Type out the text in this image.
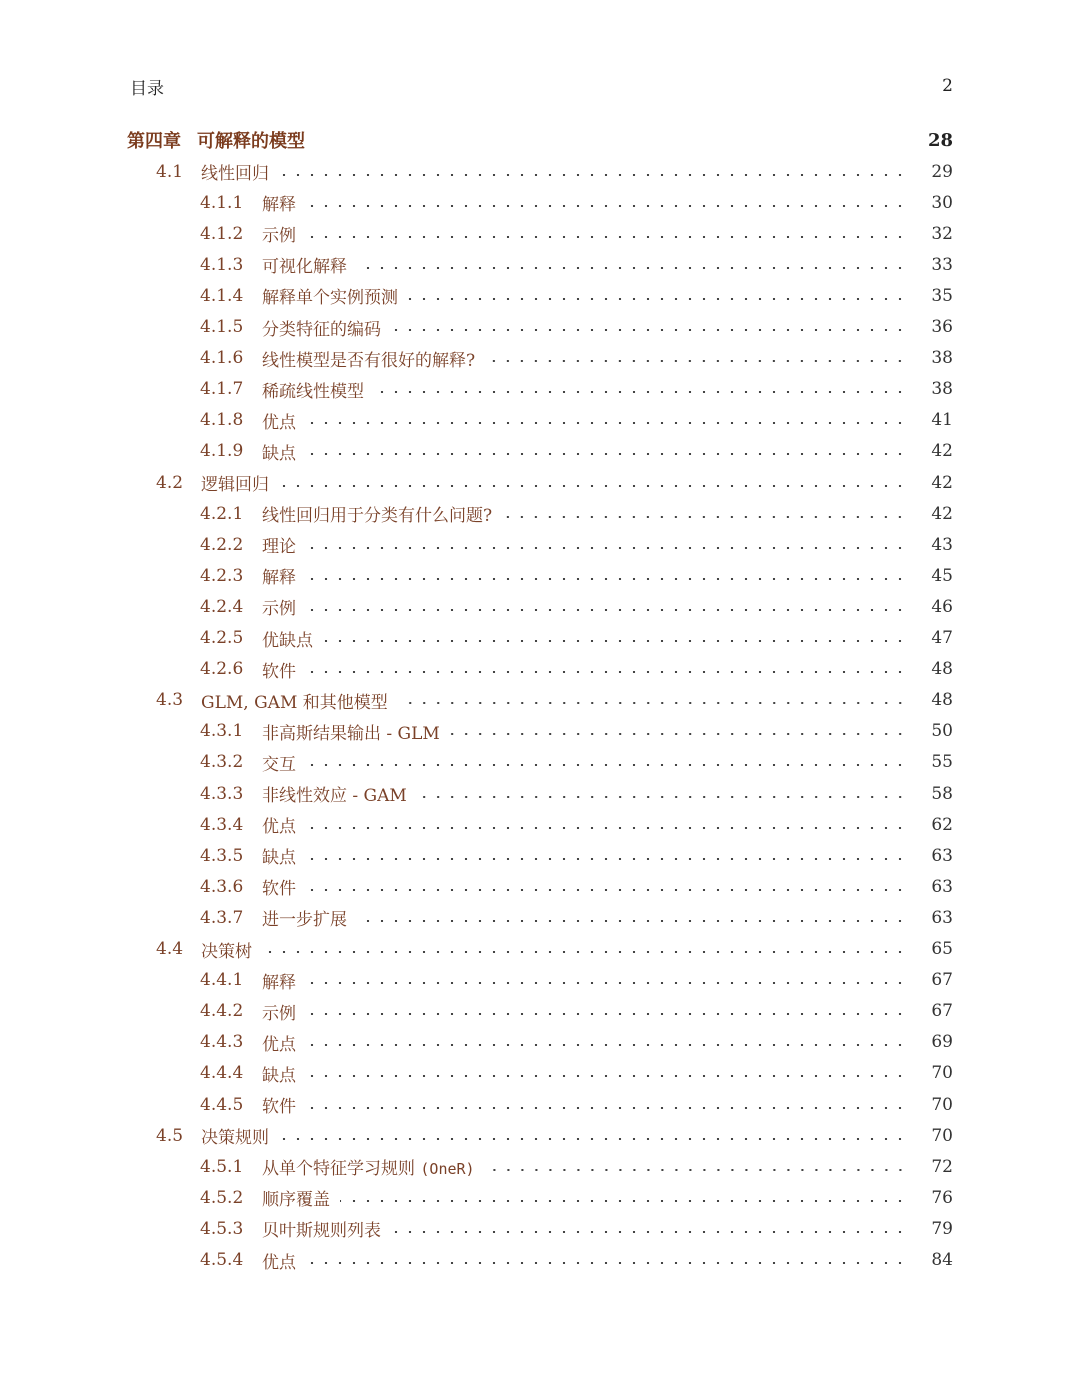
目录	2
第四章 可解释的模型	28
4.1	线性回归	29
4.1.1	解释	30
4.1.2	示例	32
4.1.3	可视化解释	33
4.1.4	解释单个实例预测	35
4.1.5	分类特征的编码	36
4.1.6	线性模型是否有很好的解释?	38
4.1.7	稀疏线性模型	38
4.1.8	优点	41
4.1.9	缺点	42
4.2	逻辑回归	42
4.2.1	线性回归用于分类有什么问题?	42
4.2.2	理论	43
4.2.3	解释	45
4.2.4	示例	46
4.2.5	优缺点	47
4.2.6	软件	48
4.3	GLM, GAM 和其他模型	48
4.3.1	非高斯结果输出 - GLM	50
4.3.2	交互	55
4.3.3	非线性效应 - GAM	58
4.3.4	优点	62
4.3.5	缺点	63
4.3.6	软件	63
4.3.7	进一步扩展	63
4.4	决策树	65
4.4.1	解释	67
4.4.2	示例	67
4.4.3	优点	69
4.4.4	缺点	70
4.4.5	软件	70
4.5	决策规则	70
4.5.1	从单个特征学习规则 (OneR)	72
4.5.2	顺序覆盖	76
4.5.3	贝叶斯规则列表	79
4.5.4	优点	84
